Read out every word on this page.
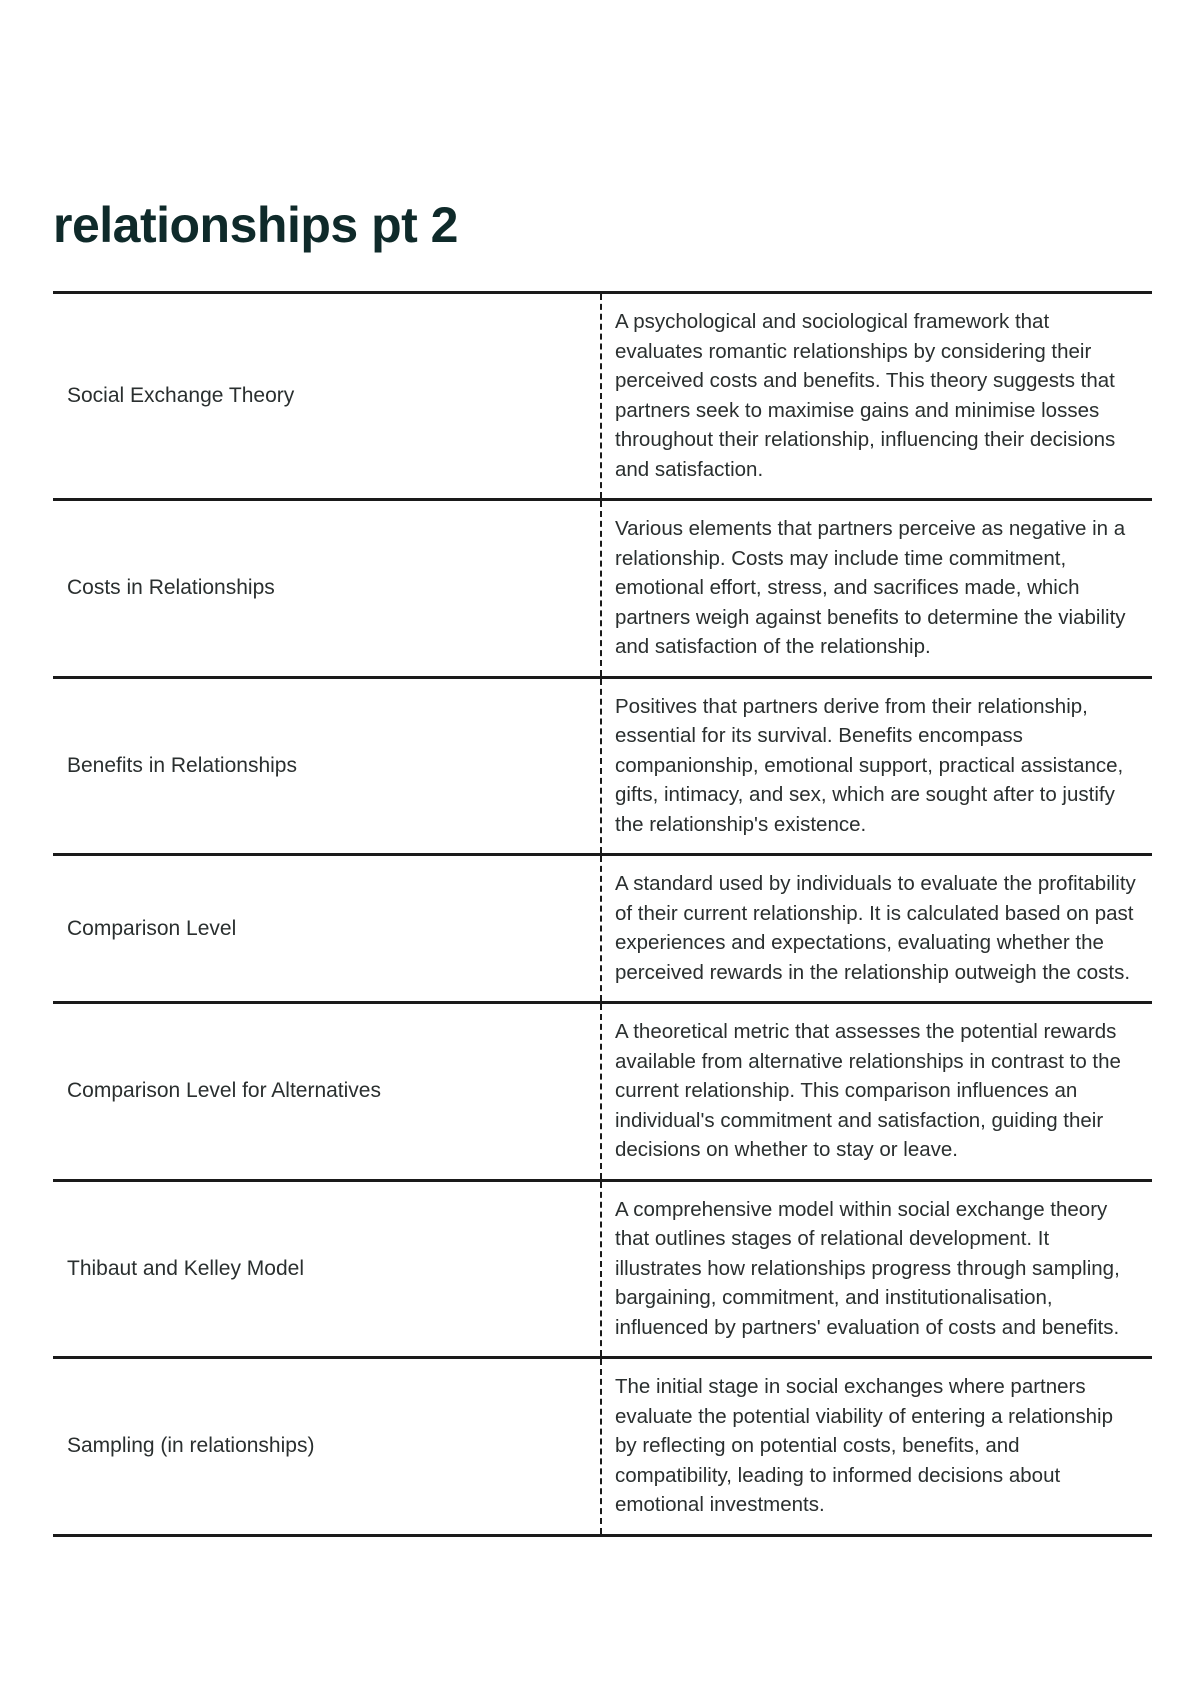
relationships pt 2
Social Exchange Theory
A psychological and sociological framework that evaluates romantic relationships by considering their perceived costs and benefits. This theory suggests that partners seek to maximise gains and minimise losses throughout their relationship, influencing their decisions and satisfaction.
Costs in Relationships
Various elements that partners perceive as negative in a relationship. Costs may include time commitment, emotional effort, stress, and sacrifices made, which partners weigh against benefits to determine the viability and satisfaction of the relationship.
Benefits in Relationships
Positives that partners derive from their relationship, essential for its survival. Benefits encompass companionship, emotional support, practical assistance, gifts, intimacy, and sex, which are sought after to justify the relationship's existence.
Comparison Level
A standard used by individuals to evaluate the profitability of their current relationship. It is calculated based on past experiences and expectations, evaluating whether the perceived rewards in the relationship outweigh the costs.
Comparison Level for Alternatives
A theoretical metric that assesses the potential rewards available from alternative relationships in contrast to the current relationship. This comparison influences an individual's commitment and satisfaction, guiding their decisions on whether to stay or leave.
Thibaut and Kelley Model
A comprehensive model within social exchange theory that outlines stages of relational development. It illustrates how relationships progress through sampling, bargaining, commitment, and institutionalisation, influenced by partners' evaluation of costs and benefits.
Sampling (in relationships)
The initial stage in social exchanges where partners evaluate the potential viability of entering a relationship by reflecting on potential costs, benefits, and compatibility, leading to informed decisions about emotional investments.
